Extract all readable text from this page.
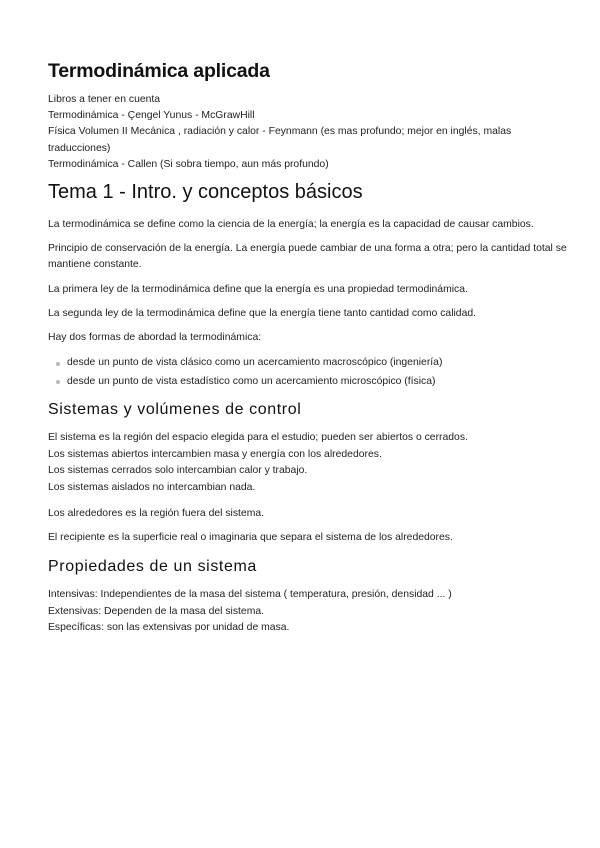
Termodinámica aplicada
Libros a tener en cuenta
Termodinámica - Çengel Yunus - McGrawHill
Física Volumen II Mecánica , radiación y calor - Feynmann (es mas profundo; mejor en inglés, malas traducciones)
Termodinámica - Callen (Si sobra tiempo, aun más profundo)
Tema 1 - Intro. y conceptos básicos

La termodinámica se define como la ciencia de la energía; la energía es la capacidad de causar cambios.

Principio de conservación de la energía. La energía puede cambiar de una forma a otra; pero la cantidad total se mantiene constante.

La primera ley de la termodinámica define que la energía es una propiedad termodinámica.

La segunda ley de la termodinámica define que la energía tiene tanto cantidad como calidad.

Hay dos formas de abordad la termodinámica:

desde un punto de vista clásico como un acercamiento macroscópico (ingeniería)
desde un punto de vista estadístico como un acercamiento microscópico (física)
Sistemas y volúmenes de control
El sistema es la región del espacio elegida para el estudio; pueden ser abiertos o cerrados.
Los sistemas abiertos intercambien masa y energía con los alrededores.
Los sistemas cerrados solo intercambian calor y trabajo.
Los sistemas aislados no intercambian nada.

Los alrededores es la región fuera del sistema.

El recipiente es la superficie real o imaginaria que separa el sistema de los alrededores.

Propiedades de un sistema
Intensivas: Independientes de la masa del sistema ( temperatura, presión, densidad ... )
Extensivas: Dependen de la masa del sistema.
Específicas: son las extensivas por unidad de masa.
